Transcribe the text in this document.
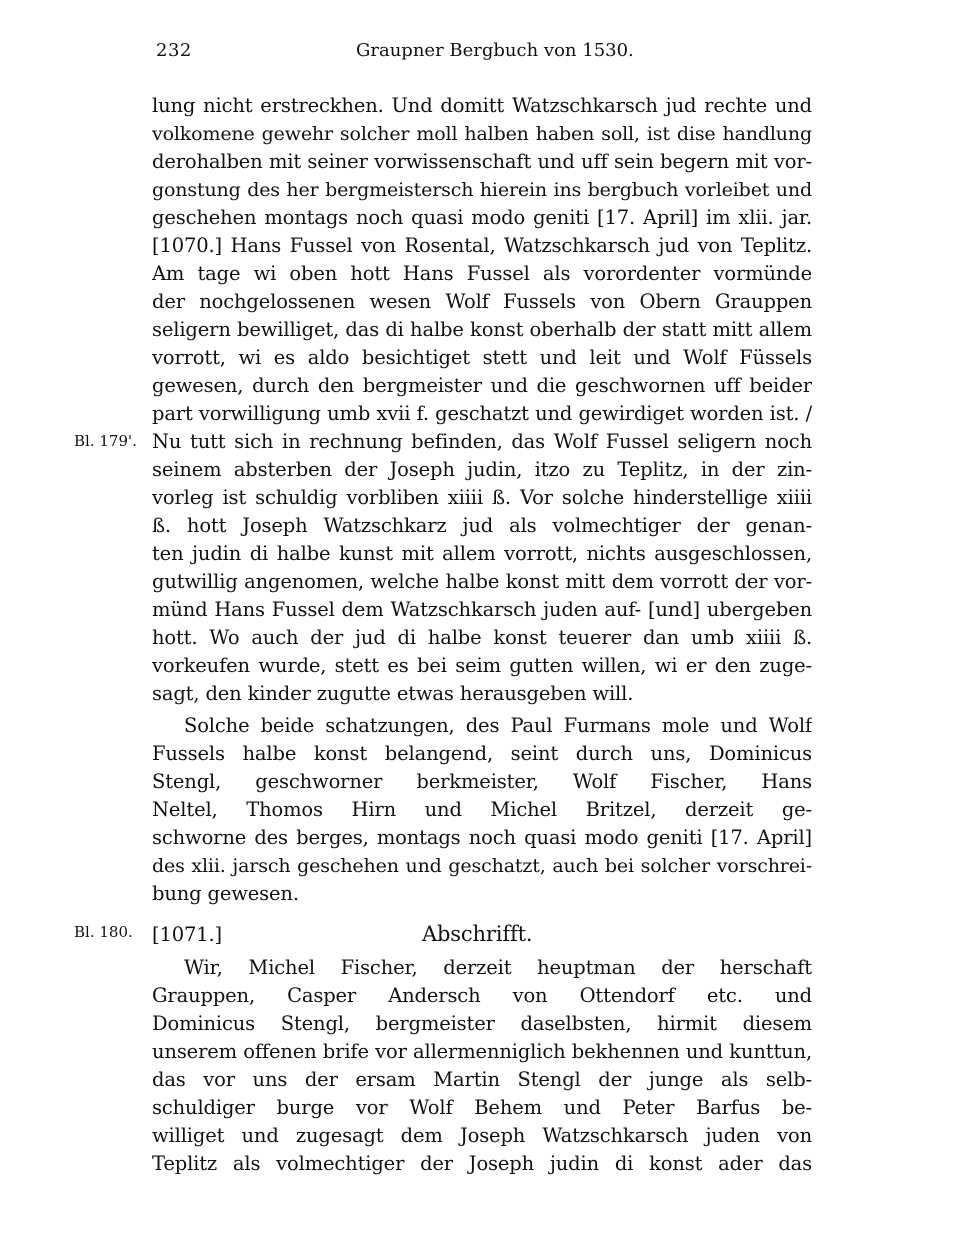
232	Graupner Bergbuch von 1530.
Bl. 179'.
Bl. 180.
lung nicht erstreckhen. Und domitt Watzschkarsch jud rechte und
volkomene gewehr solcher moll halben haben soll, ist dise handlung
derohalben mit seiner vorwissenschaft und uff sein begern mit vor-
gonstung des her bergmeistersch hierein ins bergbuch vorleibet und
geschehen montags noch quasi modo geniti [17. April] im xlii. jar.
[1070.] Hans Fussel von Rosental, Watzschkarsch jud von Teplitz.
Am tage wi oben hott Hans Fussel als vorordenter vormünde
der nochgelossenen wesen Wolf Fussels von Obern Grauppen
seligern bewilliget, das di halbe konst oberhalb der statt mitt allem
vorrott, wi es aldo besichtiget stett und leit und Wolf Füssels
gewesen, durch den bergmeister und die geschwornen uff beider
part vorwilligung umb xvii f. geschatzt und gewirdiget worden ist. /
Nu tutt sich in rechnung befinden, das Wolf Fussel seligern noch
seinem absterben der Joseph judin, itzo zu Teplitz, in der zin-
vorleg ist schuldig vorbliben xiiii ß. Vor solche hinderstellige xiiii
ß. hott Joseph Watzschkarz jud als volmechtiger der genan-
ten judin di halbe kunst mit allem vorrott, nichts ausgeschlossen,
gutwillig angenomen, welche halbe konst mitt dem vorrott der vor-
münd Hans Fussel dem Watzschkarsch juden auf- [und] ubergeben
hott. Wo auch der jud di halbe konst teuerer dan umb xiiii ß.
vorkeufen wurde, stett es bei seim gutten willen, wi er den zuge-
sagt, den kinder zugutte etwas herausgeben will.
Solche beide schatzungen, des Paul Furmans mole und Wolf
Fussels halbe konst belangend, seint durch uns, Dominicus
Stengl, geschworner berkmeister, Wolf Fischer, Hans
Neltel, Thomos Hirn und Michel Britzel, derzeit ge-
schworne des berges, montags noch quasi modo geniti [17. April]
des xlii. jarsch geschehen und geschatzt, auch bei solcher vorschrei-
bung gewesen.
[1071.]	Abschrifft.
Wir, Michel Fischer, derzeit heuptman der herschaft
Grauppen, Casper Andersch von Ottendorf etc. und
Dominicus Stengl, bergmeister daselbsten, hirmit diesem
unserem offenen brife vor allermenniglich bekhennen und kunttun,
das vor uns der ersam Martin Stengl der junge als selb-
schuldiger burge vor Wolf Behem und Peter Barfus be-
williget und zugesagt dem Joseph Watzschkarsch juden von
Teplitz als volmechtiger der Joseph judin di konst ader das
